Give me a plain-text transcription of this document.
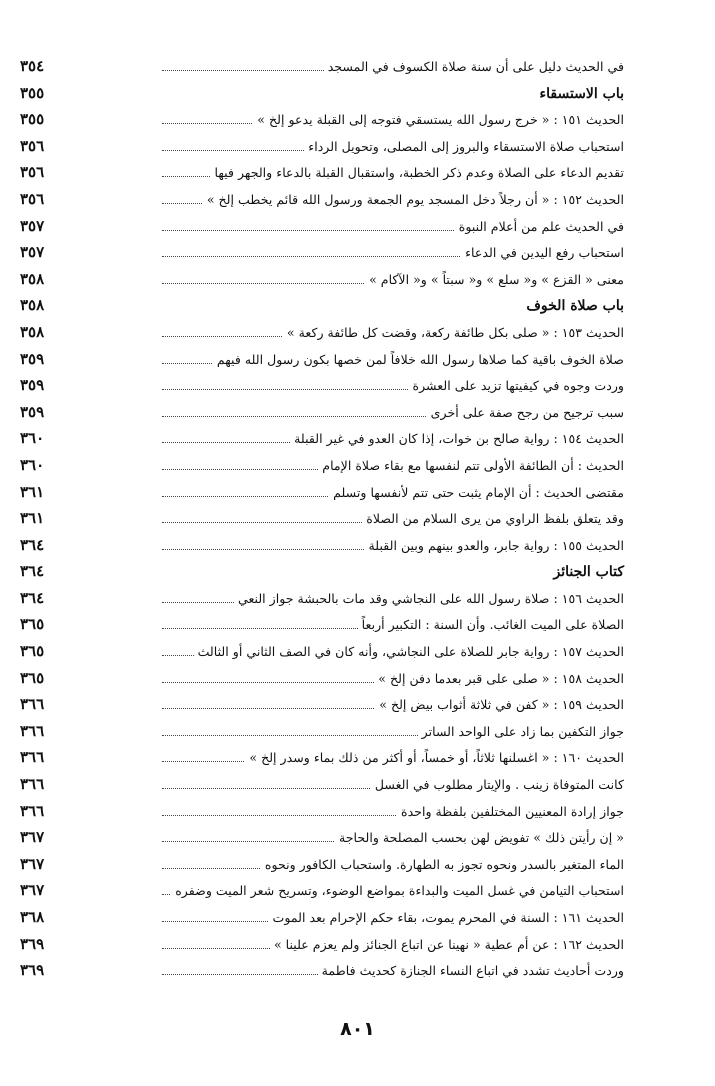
في الحديث دليل على أن سنة صلاة الكسوف في المسجد
٣٥٤
باب الاستسقاء
٣٥٥
الحديث ١٥١ : « خرج رسول الله يستسقي فتوجه إلى القبلة يدعو إلخ »
٣٥٥
استحباب صلاة الاستسقاء والبروز إلى المصلى، وتحويل الرداء
٣٥٦
تقديم الدعاء على الصلاة وعدم ذكر الخطبة، واستقبال القبلة بالدعاء والجهر فيها
٣٥٦
الحديث ١٥٢ : « أن رجلاً دخل المسجد يوم الجمعة ورسول الله قائم يخطب إلخ »
٣٥٦
في الحديث علم من أعلام النبوة
٣٥٧
استحباب رفع اليدين في الدعاء
٣٥٧
معنى « القزع » و« سلع » و« سبتاً » و« الآكام »
٣٥٨
باب صلاة الخوف
٣٥٨
الحديث ١٥٣ : « صلى بكل طائفة ركعة، وقضت كل طائفة ركعة »
٣٥٨
صلاة الخوف باقية كما صلاها رسول الله خلافاً لمن خصها بكون رسول الله فيهم
٣٥٩
وردت وجوه في كيفيتها تزيد على العشرة
٣٥٩
سبب ترجيح من رجح صفة على أخرى
٣٥٩
الحديث ١٥٤ : رواية صالح بن خوات، إذا كان العدو في غير القبلة
٣٦٠
الحديث : أن الطائفة الأولى تتم لنفسها مع بقاء صلاة الإمام
٣٦٠
مقتضى الحديث : أن الإمام يثبت حتى تتم لأنفسها وتسلم
٣٦١
وقد يتعلق بلفظ الراوي من يرى السلام من الصلاة
٣٦١
الحديث ١٥٥ : رواية جابر، والعدو بينهم وبين القبلة
٣٦٤
كتاب الجنائز
٣٦٤
الحديث ١٥٦ : صلاة رسول الله على النجاشي وقد مات بالحبشة جواز النعي
٣٦٤
الصلاة على الميت الغائب. وأن السنة : التكبير أربعاً
٣٦٥
الحديث ١٥٧ : رواية جابر للصلاة على النجاشي، وأنه كان في الصف الثاني أو الثالث
٣٦٥
الحديث ١٥٨ : « صلى على قبر بعدما دفن إلخ »
٣٦٥
الحديث ١٥٩ : « كفن في ثلاثة أثواب بيض إلخ »
٣٦٦
جواز التكفين بما زاد على الواحد الساتر
٣٦٦
الحديث ١٦٠ : « اغسلنها ثلاثاً، أو خمساً، أو أكثر من ذلك بماء وسدر إلخ »
٣٦٦
كانت المتوفاة زينب . والإيتار مطلوب في الغسل
٣٦٦
جواز إرادة المعنيين المختلفين بلفظة واحدة
٣٦٦
« إن رأيتن ذلك » تفويض لهن بحسب المصلحة والحاجة
٣٦٧
الماء المتغير بالسدر ونحوه تجوز به الطهارة. واستحباب الكافور ونحوه
٣٦٧
استحباب التيامن في غسل الميت والبداءة بمواضع الوضوء، وتسريح شعر الميت وضفره
٣٦٧
الحديث ١٦١ : السنة في المحرم يموت، بقاء حكم الإحرام بعد الموت
٣٦٨
الحديث ١٦٢ : عن أم عطية « نهينا عن اتباع الجنائز ولم يعزم علينا »
٣٦٩
وردت أحاديث تشدد في اتباع النساء الجنازة كحديث فاطمة
٣٦٩
٨٠١
